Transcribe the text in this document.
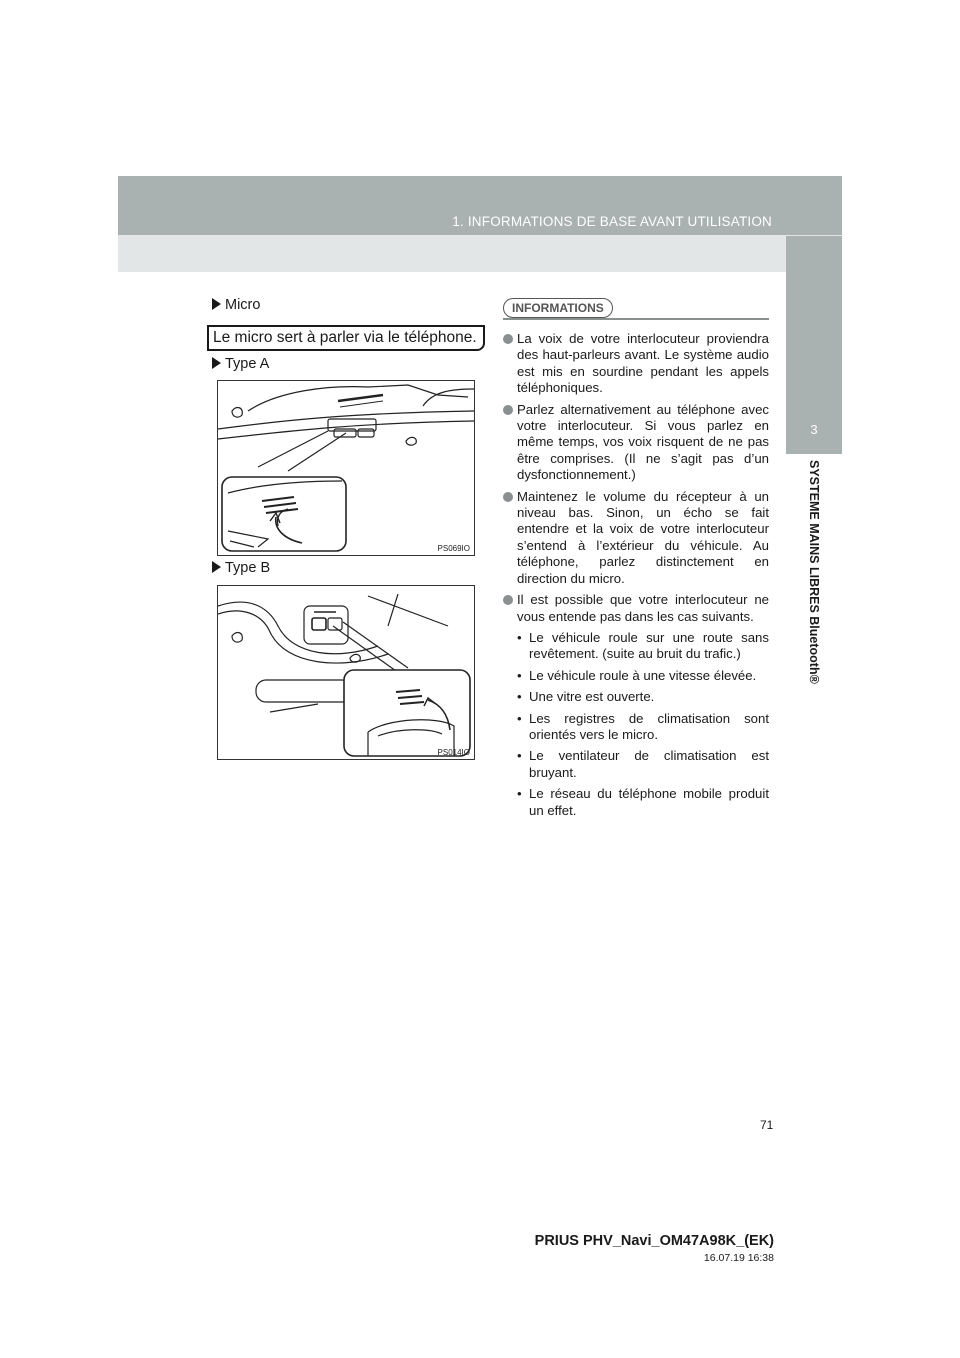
1. INFORMATIONS DE BASE AVANT UTILISATION
3
SYSTEME MAINS LIBRES Bluetooth®
Micro
Le micro sert à parler via le téléphone.
Type A
PS069IO
Type B
PS014IO
INFORMATIONS
La voix de votre interlocuteur proviendra des haut-parleurs avant. Le système audio est mis en sourdine pendant les appels téléphoniques.
Parlez alternativement au téléphone avec votre interlocuteur. Si vous parlez en même temps, vos voix risquent de ne pas être comprises. (Il ne s’agit pas d’un dysfonctionnement.)
Maintenez le volume du récepteur à un niveau bas. Sinon, un écho se fait entendre et la voix de votre interlocuteur s’entend à l’extérieur du véhicule. Au téléphone, parlez distinctement en direction du micro.
Il est possible que votre interlocuteur ne vous entende pas dans les cas suivants.
• Le véhicule roule sur une route sans revêtement. (suite au bruit du trafic.)
• Le véhicule roule à une vitesse élevée.
• Une vitre est ouverte.
• Les registres de climatisation sont orientés vers le micro.
• Le ventilateur de climatisation est bruyant.
• Le réseau du téléphone mobile produit un effet.
71
PRIUS PHV_Navi_OM47A98K_(EK)
16.07.19 16:38
